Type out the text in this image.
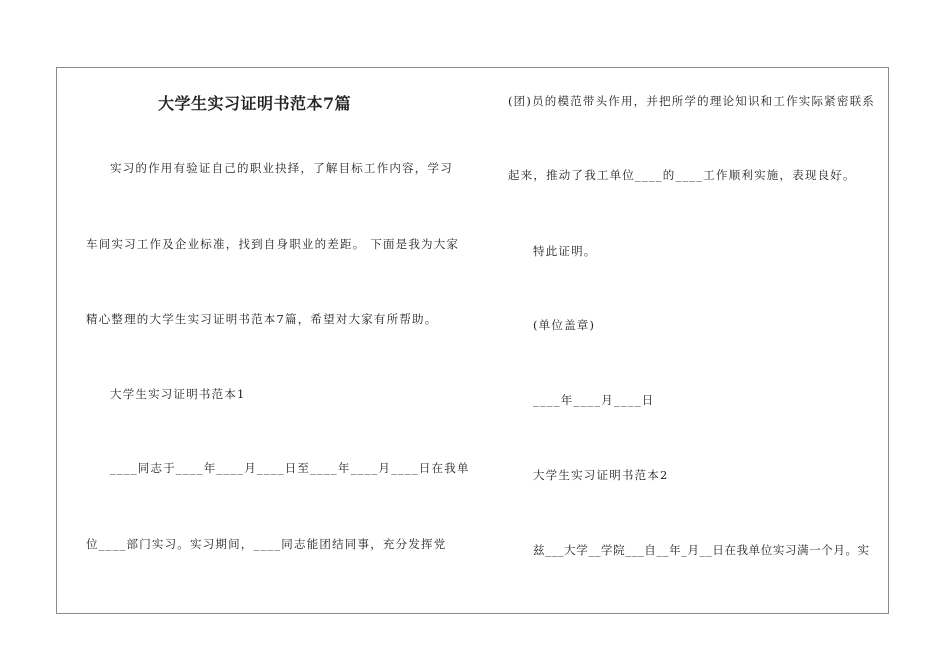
大学生实习证明书范本7篇
实习的作用有验证自己的职业抉择，了解目标工作内容，学习
车间实习工作及企业标准，找到自身职业的差距。 下面是我为大家
精心整理的大学生实习证明书范本7篇，希望对大家有所帮助。
大学生实习证明书范本1
____同志于____年____月____日至____年____月____日在我单
位____部门实习。实习期间，____同志能团结同事，充分发挥党
(团)员的模范带头作用，并把所学的理论知识和工作实际紧密联系
起来，推动了我工单位____的____工作顺利实施，表现良好。
特此证明。
(单位盖章)
____年____月____日
大学生实习证明书范本2
兹___大学__学院___自__年_月__日在我单位实习满一个月。实
